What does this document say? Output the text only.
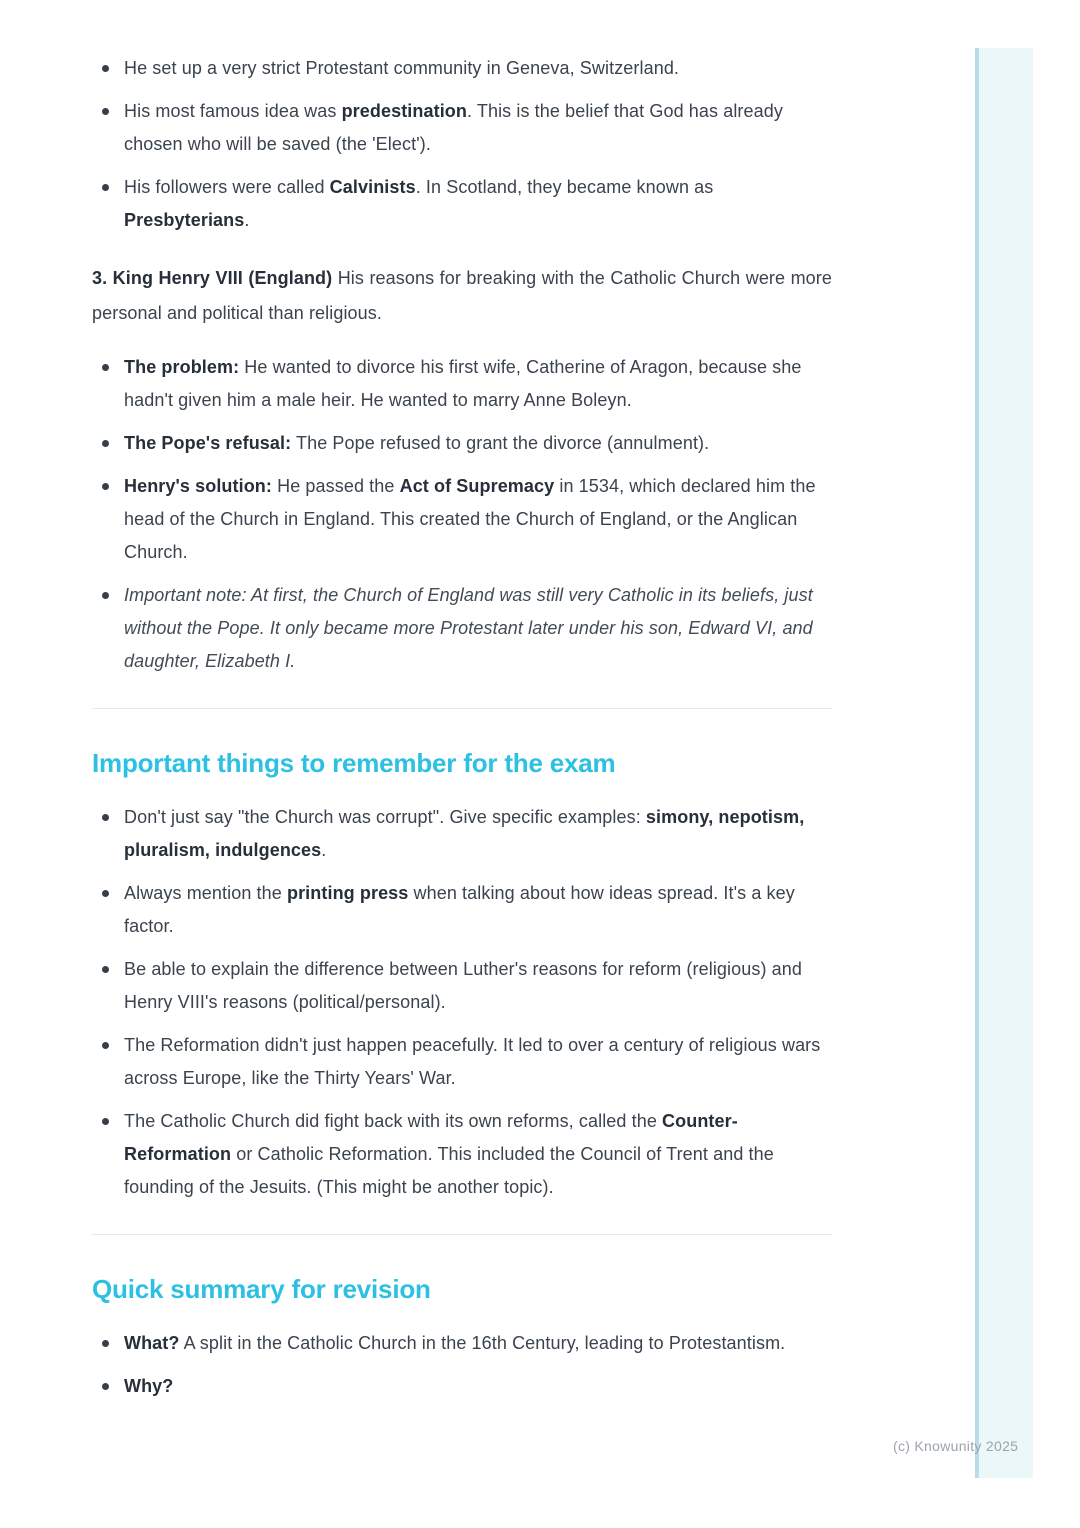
He set up a very strict Protestant community in Geneva, Switzerland.
His most famous idea was predestination. This is the belief that God has already chosen who will be saved (the 'Elect').
His followers were called Calvinists. In Scotland, they became known as Presbyterians.

3. King Henry VIII (England) His reasons for breaking with the Catholic Church were more personal and political than religious.

The problem: He wanted to divorce his first wife, Catherine of Aragon, because she hadn't given him a male heir. He wanted to marry Anne Boleyn.
The Pope's refusal: The Pope refused to grant the divorce (annulment).
Henry's solution: He passed the Act of Supremacy in 1534, which declared him the head of the Church in England. This created the Church of England, or the Anglican Church.
Important note: At first, the Church of England was still very Catholic in its beliefs, just without the Pope. It only became more Protestant later under his son, Edward VI, and daughter, Elizabeth I.
Important things to remember for the exam
Don't just say "the Church was corrupt". Give specific examples: simony, nepotism, pluralism, indulgences.
Always mention the printing press when talking about how ideas spread. It's a key factor.
Be able to explain the difference between Luther's reasons for reform (religious) and Henry VIII's reasons (political/personal).
The Reformation didn't just happen peacefully. It led to over a century of religious wars across Europe, like the Thirty Years' War.
The Catholic Church did fight back with its own reforms, called the Counter-Reformation or Catholic Reformation. This included the Council of Trent and the founding of the Jesuits. (This might be another topic).
Quick summary for revision
What? A split in the Catholic Church in the 16th Century, leading to Protestantism.
Why?
(c) Knowunity 2025
